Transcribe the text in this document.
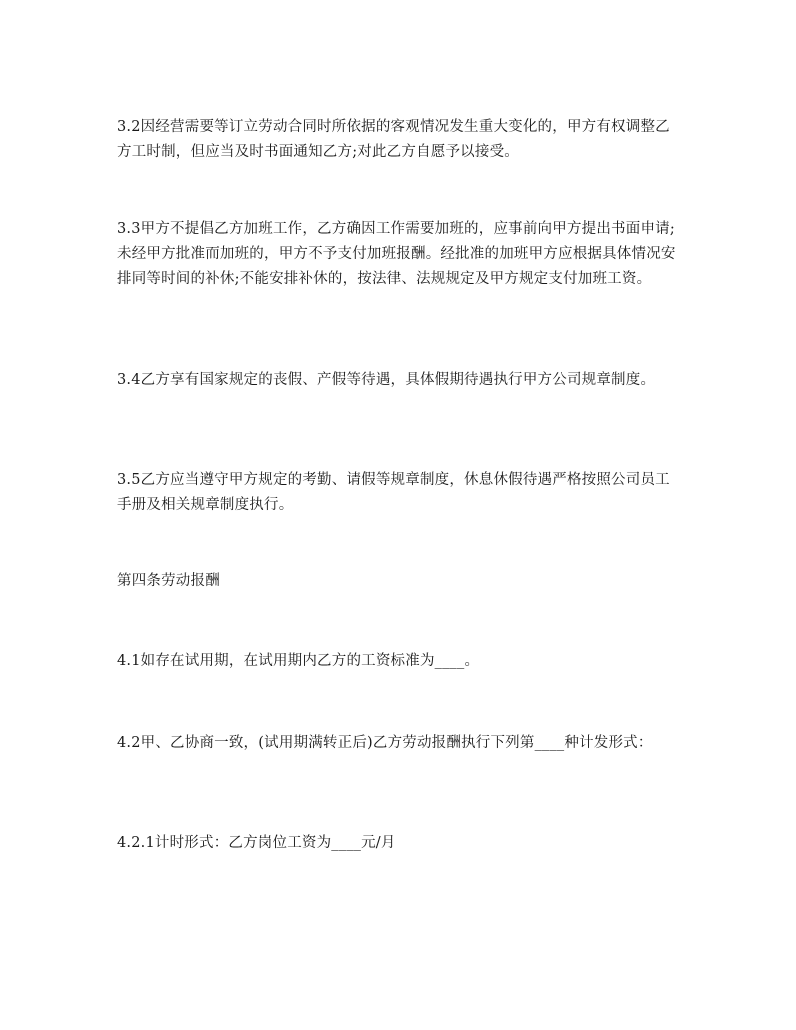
3.2因经营需要等订立劳动合同时所依据的客观情况发生重大变化的，甲方有权调整乙方工时制，但应当及时书面通知乙方;对此乙方自愿予以接受。

3.3甲方不提倡乙方加班工作，乙方确因工作需要加班的，应事前向甲方提出书面申请;未经甲方批准而加班的，甲方不予支付加班报酬。经批准的加班甲方应根据具体情况安排同等时间的补休;不能安排补休的，按法律、法规规定及甲方规定支付加班工资。

3.4乙方享有国家规定的丧假、产假等待遇，具体假期待遇执行甲方公司规章制度。

3.5乙方应当遵守甲方规定的考勤、请假等规章制度，休息休假待遇严格按照公司员工手册及相关规章制度执行。

第四条劳动报酬

4.1如存在试用期，在试用期内乙方的工资标准为____。

4.2甲、乙协商一致，(试用期满转正后)乙方劳动报酬执行下列第____种计发形式：

4.2.1计时形式：乙方岗位工资为____元/月
